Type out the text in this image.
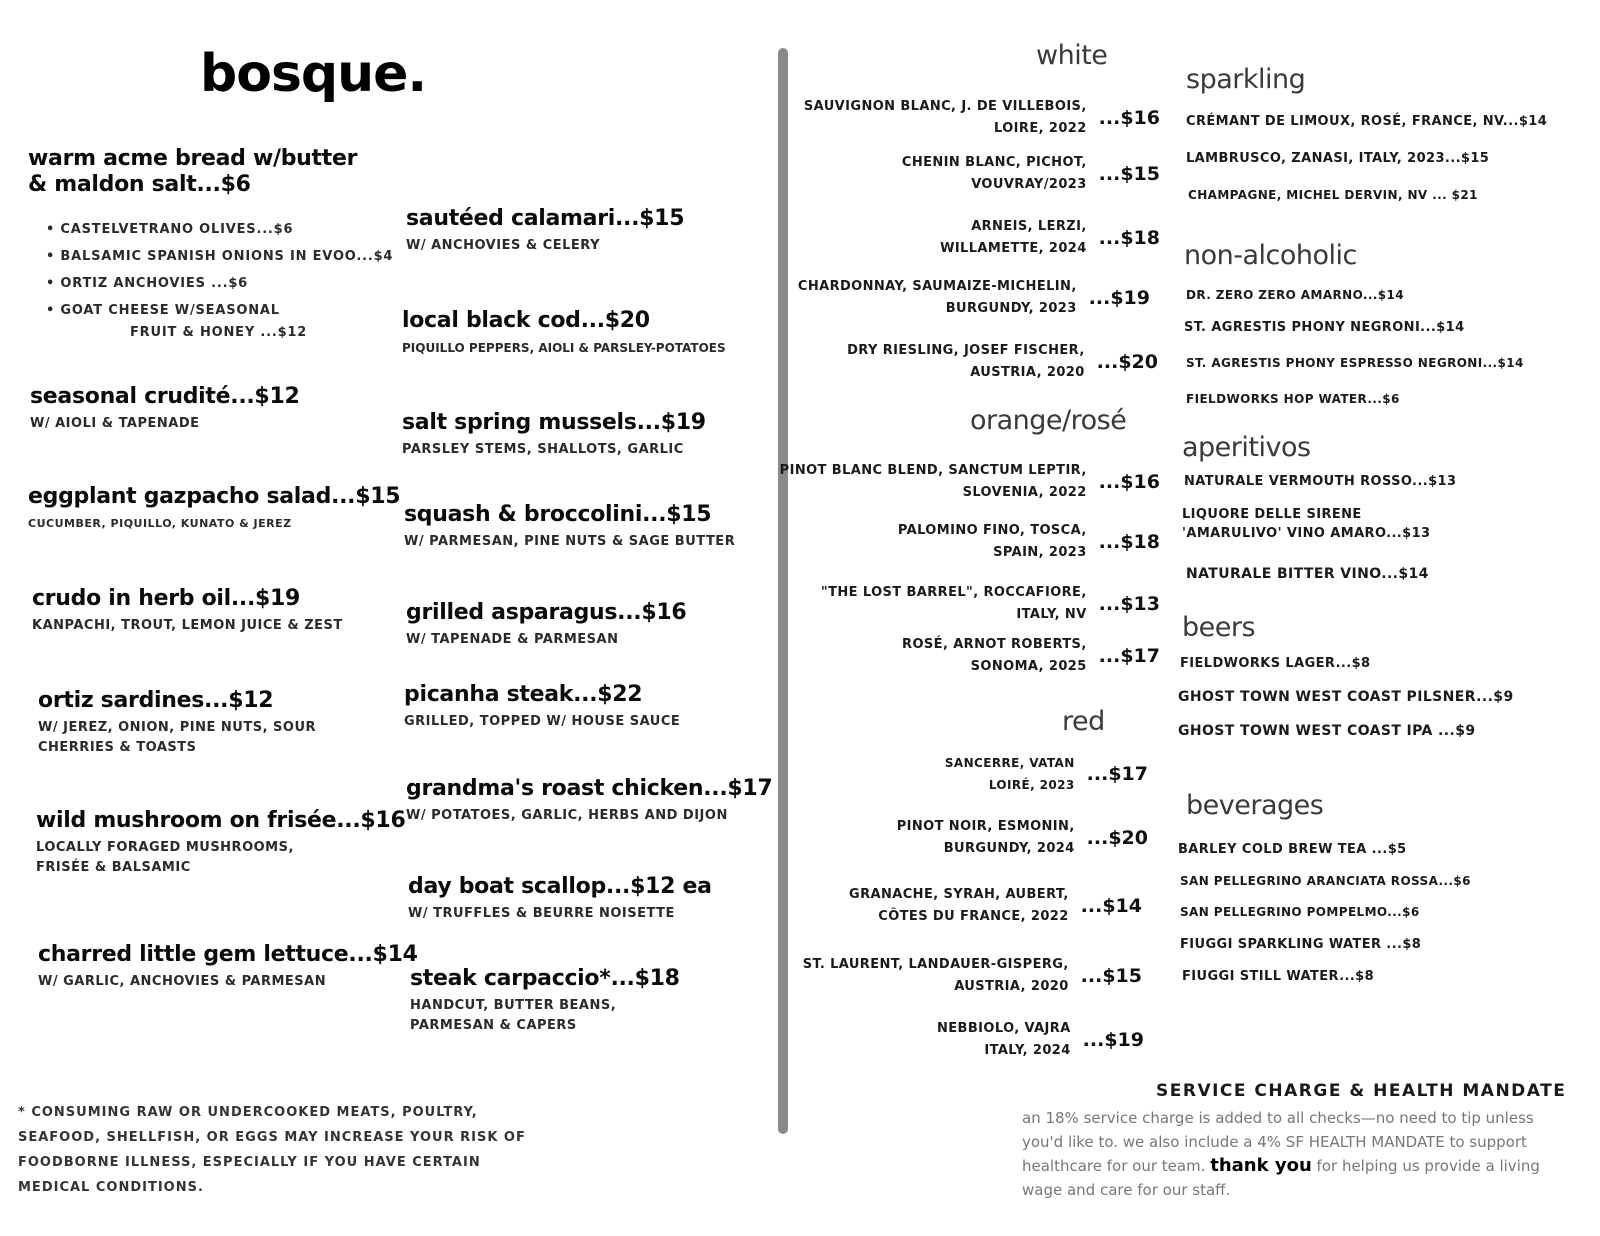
bosque.
warm acme bread w/butter
& maldon salt...$6
• CASTELVETRANO OLIVES...$6
• BALSAMIC SPANISH ONIONS IN EVOO...$4
• ORTIZ ANCHOVIES ...$6
• GOAT CHEESE W/SEASONAL
FRUIT & HONEY ...$12
seasonal crudité...$12
W/ AIOLI & TAPENADE
eggplant gazpacho salad...$15
CUCUMBER, PIQUILLO, KUNATO & JEREZ
crudo in herb oil...$19
KANPACHI, TROUT, LEMON JUICE & ZEST
ortiz sardines...$12
W/ JEREZ, ONION, PINE NUTS, SOUR
CHERRIES & TOASTS
wild mushroom on frisée...$16
LOCALLY FORAGED MUSHROOMS,
FRISÉE & BALSAMIC
charred little gem lettuce...$14
W/ GARLIC, ANCHOVIES & PARMESAN
sautéed calamari...$15
W/ ANCHOVIES & CELERY
local black cod...$20
PIQUILLO PEPPERS, AIOLI & PARSLEY-POTATOES
salt spring mussels...$19
PARSLEY STEMS, SHALLOTS, GARLIC
squash & broccolini...$15
W/ PARMESAN, PINE NUTS & SAGE BUTTER
grilled asparagus...$16
W/ TAPENADE & PARMESAN
picanha steak...$22
GRILLED, TOPPED W/ HOUSE SAUCE
grandma's roast chicken...$17
W/ POTATOES, GARLIC, HERBS AND DIJON
day boat scallop...$12 ea
W/ TRUFFLES & BEURRE NOISETTE
steak carpaccio*...$18
HANDCUT, BUTTER BEANS,
PARMESAN & CAPERS
* CONSUMING RAW OR UNDERCOOKED MEATS, POULTRY, SEAFOOD, SHELLFISH, OR EGGS MAY INCREASE YOUR RISK OF FOODBORNE ILLNESS, ESPECIALLY IF YOU HAVE CERTAIN MEDICAL CONDITIONS.
white
SAUVIGNON BLANC, J. DE VILLEBOIS,
LOIRE, 2022 ...$16
CHENIN BLANC, PICHOT,
VOUVRAY/2023 ...$15
ARNEIS, LERZI,
WILLAMETTE, 2024 ...$18
CHARDONNAY, SAUMAIZE-MICHELIN,
BURGUNDY, 2023 ...$19
DRY RIESLING, JOSEF FISCHER,
AUSTRIA, 2020 ...$20
orange/rosé
PINOT BLANC BLEND, SANCTUM LEPTIR,
SLOVENIA, 2022 ...$16
PALOMINO FINO, TOSCA,
SPAIN, 2023 ...$18
"THE LOST BARREL", ROCCAFIORE,
ITALY, NV ...$13
ROSÉ, ARNOT ROBERTS,
SONOMA, 2025 ...$17
red
SANCERRE, VATAN
LOIRÉ, 2023 ...$17
PINOT NOIR, ESMONIN,
BURGUNDY, 2024 ...$20
GRANACHE, SYRAH, AUBERT,
CÔTES DU FRANCE, 2022 ...$14
ST. LAURENT, LANDAUER-GISPERG,
AUSTRIA, 2020 ...$15
NEBBIOLO, VAJRA
ITALY, 2024 ...$19
sparkling
CRÉMANT DE LIMOUX, ROSÉ, FRANCE, NV...$14
LAMBRUSCO, ZANASI, ITALY, 2023...$15
CHAMPAGNE, MICHEL DERVIN, NV ... $21
non-alcoholic
DR. ZERO ZERO AMARNO...$14
ST. AGRESTIS PHONY NEGRONI...$14
ST. AGRESTIS PHONY ESPRESSO NEGRONI...$14
FIELDWORKS HOP WATER...$6
aperitivos
NATURALE VERMOUTH ROSSO...$13
LIQUORE DELLE SIRENE
'AMARULIVO' VINO AMARO...$13
NATURALE BITTER VINO...$14
beers
FIELDWORKS LAGER...$8
GHOST TOWN WEST COAST PILSNER...$9
GHOST TOWN WEST COAST IPA ...$9
beverages
BARLEY COLD BREW TEA ...$5
SAN PELLEGRINO ARANCIATA ROSSA...$6
SAN PELLEGRINO POMPELMO...$6
FIUGGI SPARKLING WATER ...$8
FIUGGI STILL WATER...$8
SERVICE CHARGE & HEALTH MANDATE
an 18% service charge is added to all checks—no need to tip unless you'd like to. we also include a 4% SF HEALTH MANDATE to support healthcare for our team. thank you for helping us provide a living wage and care for our staff.
